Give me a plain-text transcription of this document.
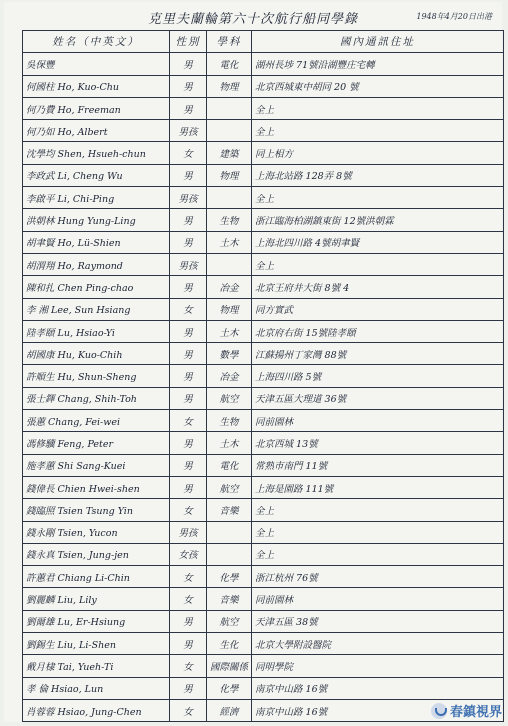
克里夫蘭輪第六十次航行船同學錄	1948年4月20日出港
姓名（中英文）	性別	學科	國內通訊住址
吳保豐	男	電化	湖州長埗 71號沿湖豐庄宅轉
何國柱 Ho, Kuo-Chu	男	物理	北京西城東中胡同 20 號
何乃費 Ho, Freeman	男		全上
何乃如 Ho, Albert	男孩		全上
沈學均 Shen, Hsueh-chun	女	建築	同上相方
李政武 Li, Cheng Wu	男	物理	上海北站路 128弄 8號
李啟平 Li, Chi-Ping	男孩		全上
洪朝林 Hung Yung-Ling	男	生物	浙江臨海柏湖鎮東街 12號洪朝霖
胡聿賢 Ho, Lü-Shien	男	土木	上海北四川路 4號胡聿賢
胡渭翔 Ho, Raymond	男孩		全上
陳和扎 Chen Ping-chao	男	冶金	北京王府井大街 8號 4
李 湘 Lee, Sun Hsiang	女	物理	同方實武
陸孝頤 Lu, Hsiao-Yi	男	土木	北京府右街 15號陸孝頤
胡國康 Hu, Kuo-Chih	男	數學	江蘇揚州丁家灣 88號
許順生 Hu, Shun-Sheng	男	冶金	上海四川路 5號
張士鐸 Chang, Shih-Toh	男	航空	天津五區大理道 36號
張蕙 Chang, Fei-wei	女	生物	同前園林
馮修驥 Feng, Peter	男	土木	北京西城 13號
施孝蕙 Shi Sang-Kuei	男	電化	常熟市南門 11號
錢偉長 Chien Hwei-shen	男	航空	上海是園路 111號
錢臨照 Tsien Tsung Yin	女	音樂	全上
錢永剛 Tsien, Yucon	男孩		全上
錢永真 Tsien, Jung-jen	女孩		全上
許蕙君 Chiang Li-Chin	女	化學	浙江杭州 76號
劉麗麟 Liu, Lily	女	音樂	同前園林
劉爾雄 Lu, Er-Hsiung	男	航空	天津五區 38號
劉錫生 Liu, Li-Shen	男	生化	北京大學附設醫院
戴月棣 Tai, Yueh-Ti	女	國際關係	同明學院
孝 倫 Hsiao, Lun	男	化學	南京中山路 16號
肖蓉蓉 Hsiao, Jung-Chen	女	經濟	南京中山路 16號	春鎮視界
